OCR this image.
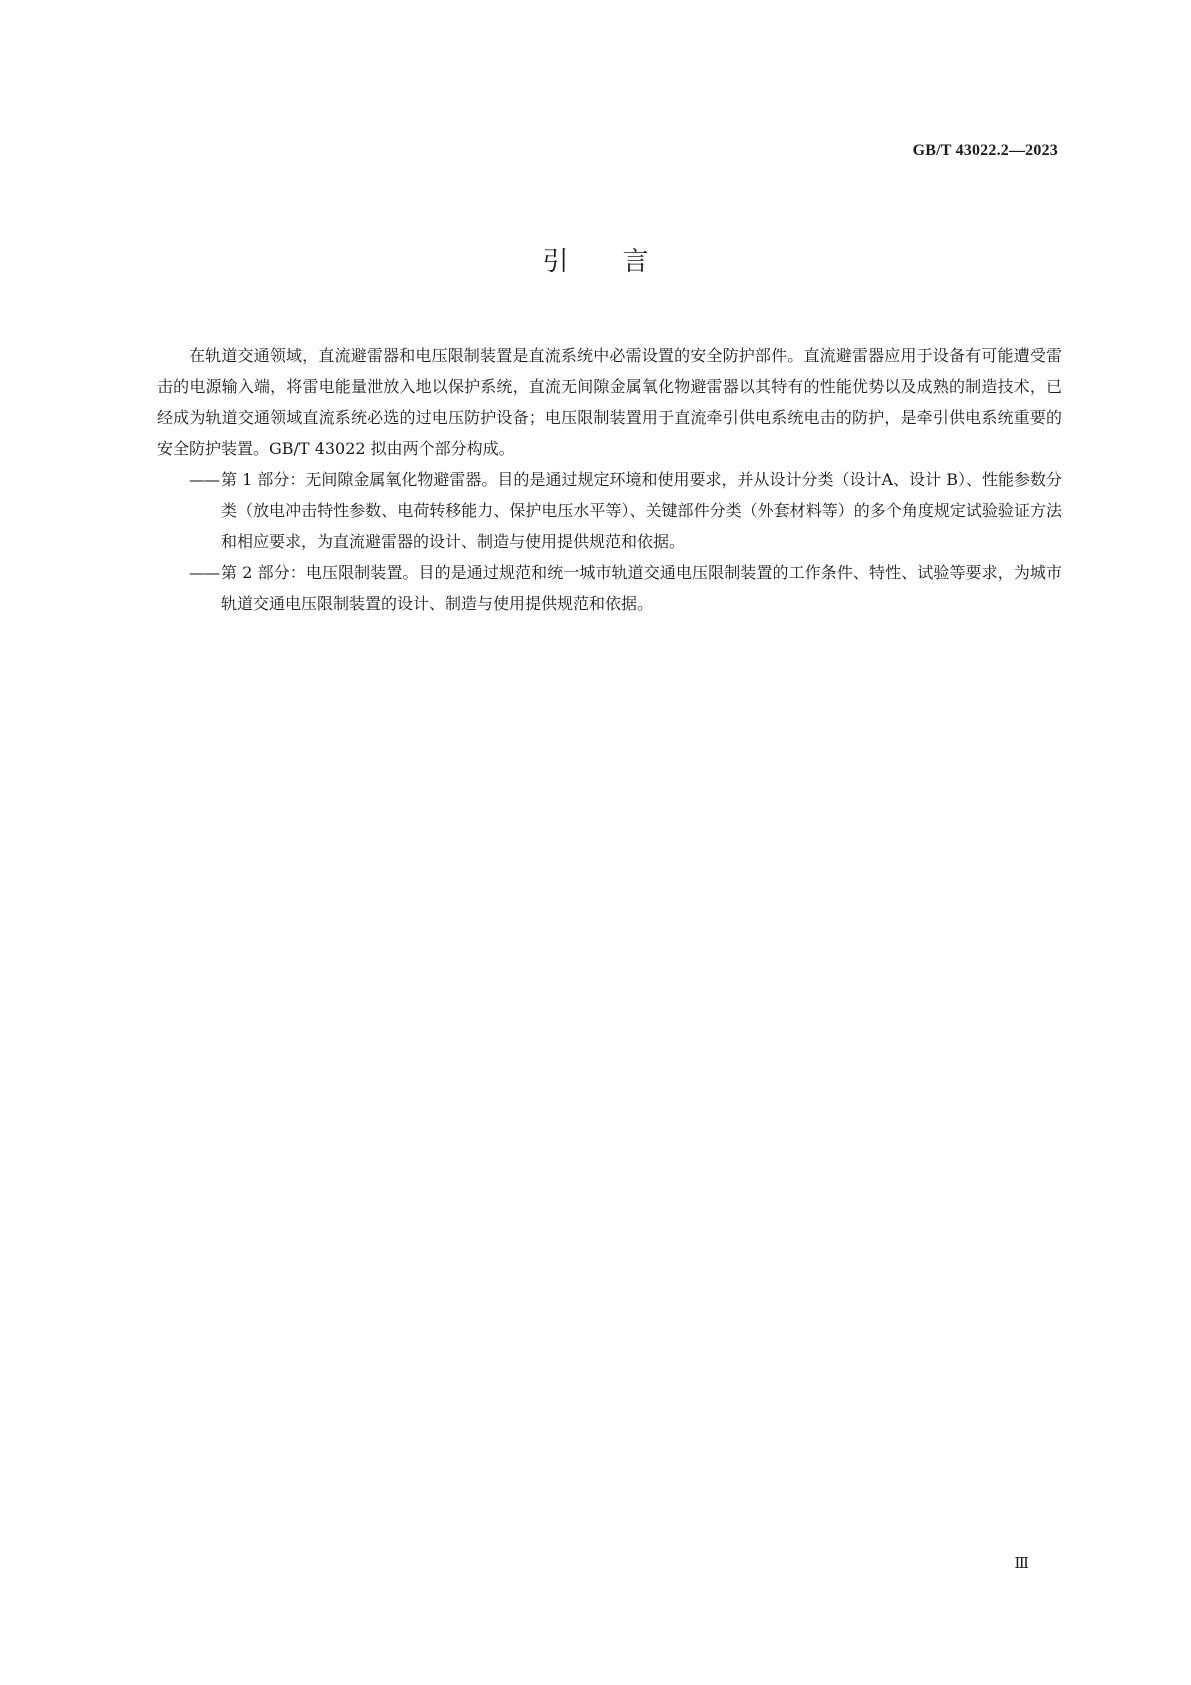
GB/T 43022.2—2023
引言

在轨道交通领域，直流避雷器和电压限制装置是直流系统中必需设置的安全防护部件。直流避雷器应用于设备有可能遭受雷击的电源输入端，将雷电能量泄放入地以保护系统，直流无间隙金属氧化物避雷器以其特有的性能优势以及成熟的制造技术，已经成为轨道交通领域直流系统必选的过电压防护设备；电压限制装置用于直流牵引供电系统电击的防护，是牵引供电系统重要的安全防护装置。GB/T 43022 拟由两个部分构成。

—— 第 1 部分：无间隙金属氧化物避雷器。目的是通过规定环境和使用要求，并从设计分类（设计A、设计 B）、性能参数分类（放电冲击特性参数、电荷转移能力、保护电压水平等）、关键部件分类（外套材料等）的多个角度规定试验验证方法和相应要求，为直流避雷器的设计、制造与使用提供规范和依据。
—— 第 2 部分：电压限制装置。目的是通过规范和统一城市轨道交通电压限制装置的工作条件、特性、试验等要求，为城市轨道交通电压限制装置的设计、制造与使用提供规范和依据。
Ⅲ
